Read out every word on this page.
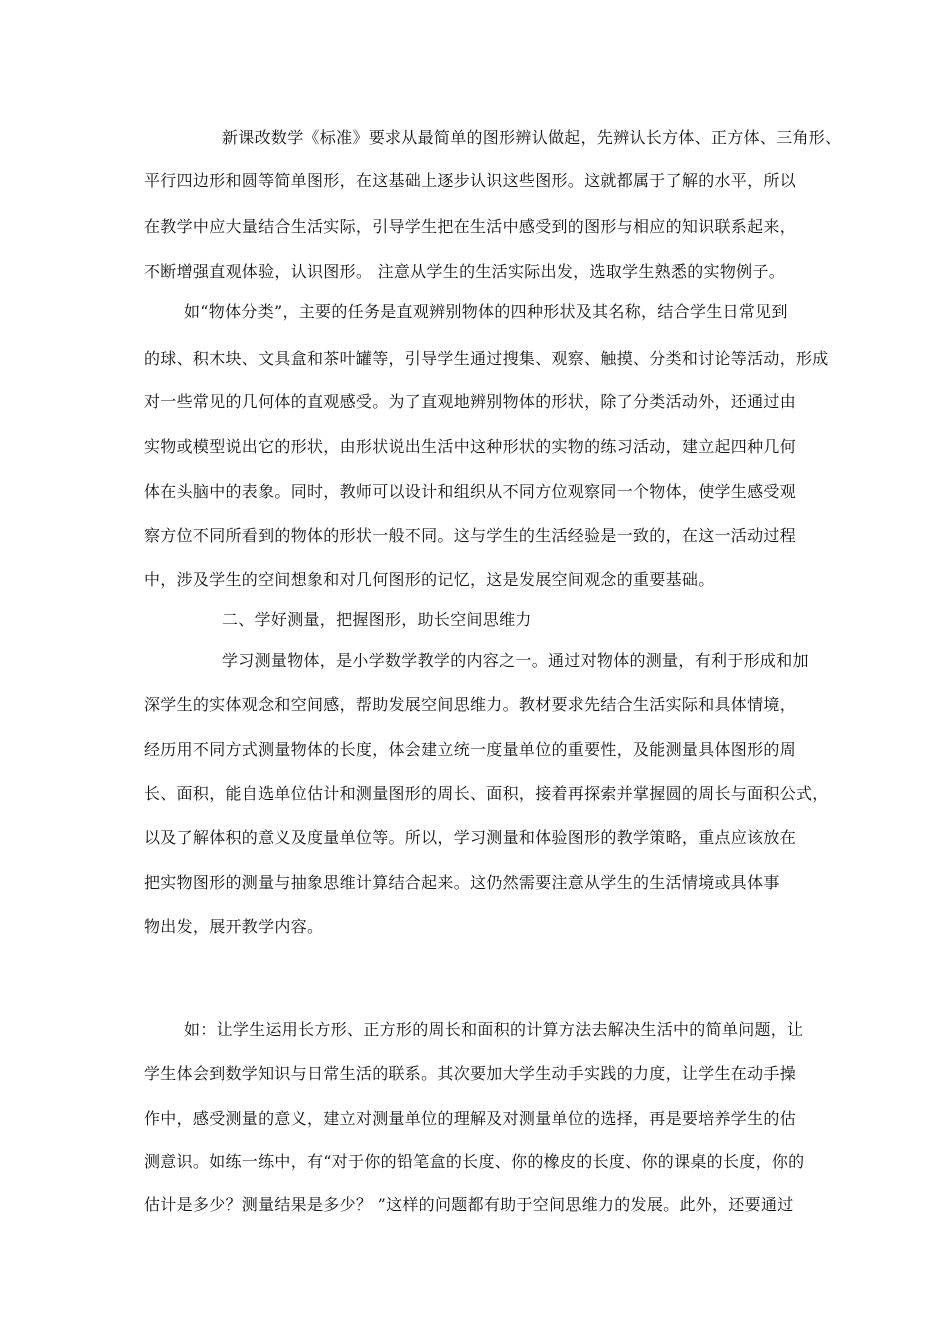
新课改数学《标准》要求从最简单的图形辨认做起，先辨认长方体、正方体、三角形、
平行四边形和圆等简单图形，在这基础上逐步认识这些图形。这就都属于了解的水平，所以
在教学中应大量结合生活实际，引导学生把在生活中感受到的图形与相应的知识联系起来，
不断增强直观体验，认识图形。 注意从学生的生活实际出发，选取学生熟悉的实物例子。
如“物体分类”，主要的任务是直观辨别物体的四种形状及其名称，结合学生日常见到
的球、积木块、文具盒和茶叶罐等，引导学生通过搜集、观察、触摸、分类和讨论等活动，形成
对一些常见的几何体的直观感受。为了直观地辨别物体的形状，除了分类活动外，还通过由
实物或模型说出它的形状，由形状说出生活中这种形状的实物的练习活动，建立起四种几何
体在头脑中的表象。同时，教师可以设计和组织从不同方位观察同一个物体，使学生感受观
察方位不同所看到的物体的形状一般不同。这与学生的生活经验是一致的，在这一活动过程
中，涉及学生的空间想象和对几何图形的记忆，这是发展空间观念的重要基础。
二、学好测量，把握图形，助长空间思维力
学习测量物体，是小学数学教学的内容之一。通过对物体的测量，有利于形成和加
深学生的实体观念和空间感，帮助发展空间思维力。教材要求先结合生活实际和具体情境，
经历用不同方式测量物体的长度，体会建立统一度量单位的重要性，及能测量具体图形的周
长、面积，能自选单位估计和测量图形的周长、面积，接着再探索并掌握圆的周长与面积公式，
以及了解体积的意义及度量单位等。所以，学习测量和体验图形的教学策略，重点应该放在
把实物图形的测量与抽象思维计算结合起来。这仍然需要注意从学生的生活情境或具体事
物出发，展开教学内容。
如：让学生运用长方形、正方形的周长和面积的计算方法去解决生活中的简单问题，让
学生体会到数学知识与日常生活的联系。其次要加大学生动手实践的力度，让学生在动手操
作中，感受测量的意义，建立对测量单位的理解及对测量单位的选择，再是要培养学生的估
测意识。如练一练中，有“对于你的铅笔盒的长度、你的橡皮的长度、你的课桌的长度，你的
估计是多少？测量结果是多少？ ”这样的问题都有助于空间思维力的发展。此外，还要通过
